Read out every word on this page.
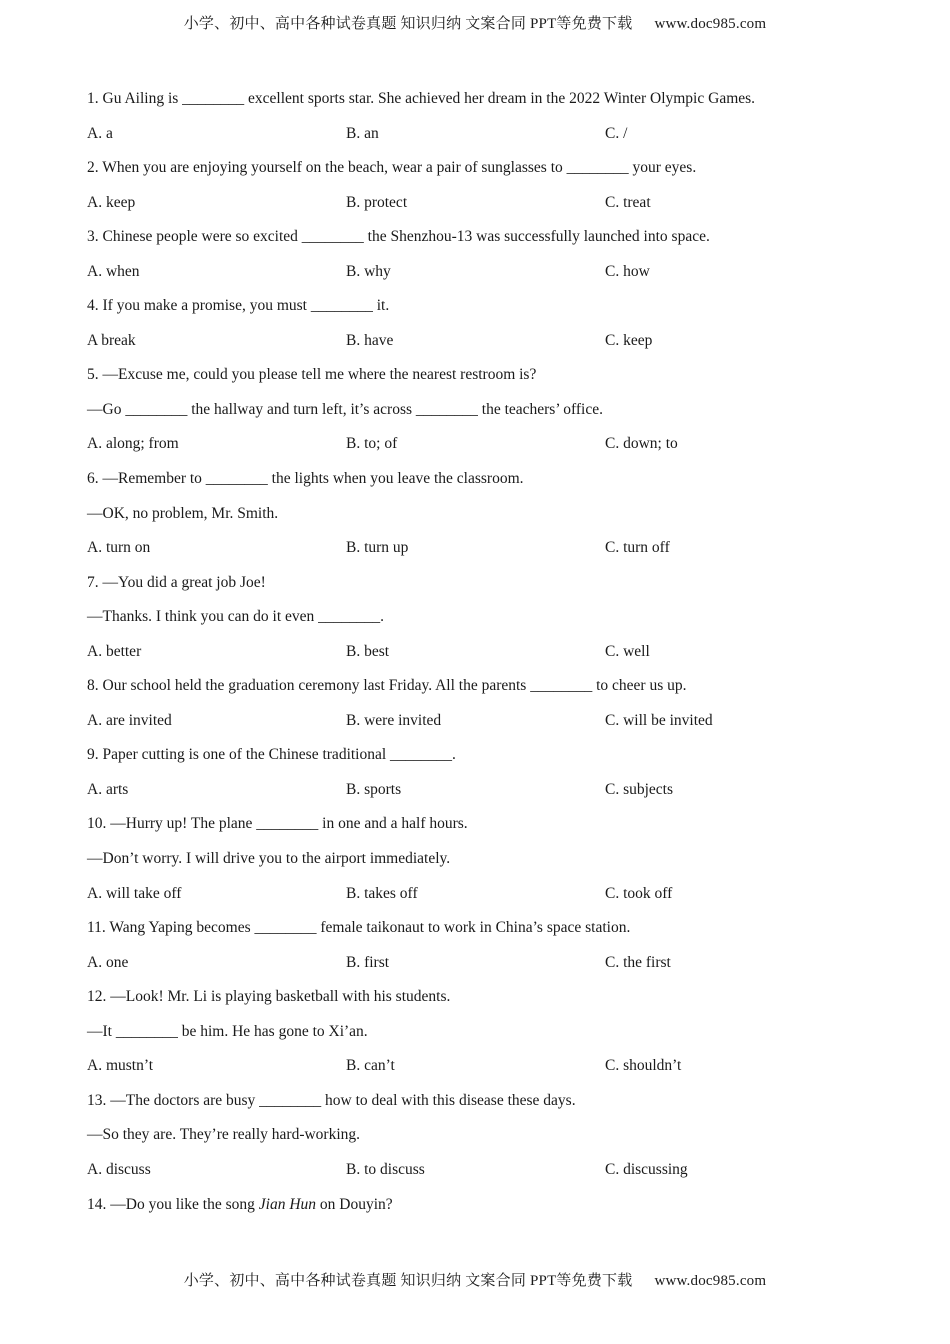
小学、初中、高中各种试卷真题 知识归纳 文案合同 PPT等免费下载 www.doc985.com
1. Gu Ailing is ________ excellent sports star. She achieved her dream in the 2022 Winter Olympic Games.
A. a	B. an	C. /
2. When you are enjoying yourself on the beach, wear a pair of sunglasses to ________ your eyes.
A. keep	B. protect	C. treat
3. Chinese people were so excited ________ the Shenzhou-13 was successfully launched into space.
A. when	B. why	C. how
4. If you make a promise, you must ________ it.
A break	B. have	C. keep
5. —Excuse me, could you please tell me where the nearest restroom is?
—Go ________ the hallway and turn left, it’s across ________ the teachers’ office.
A. along; from	B. to; of	C. down; to
6. —Remember to ________ the lights when you leave the classroom.
—OK, no problem, Mr. Smith.
A. turn on	B. turn up	C. turn off
7. —You did a great job Joe!
—Thanks. I think you can do it even ________.
A. better	B. best	C. well
8. Our school held the graduation ceremony last Friday. All the parents ________ to cheer us up.
A. are invited	B. were invited	C. will be invited
9. Paper cutting is one of the Chinese traditional ________.
A. arts	B. sports	C. subjects
10. —Hurry up! The plane ________ in one and a half hours.
—Don’t worry. I will drive you to the airport immediately.
A. will take off	B. takes off	C. took off
11. Wang Yaping becomes ________ female taikonaut to work in China’s space station.
A. one	B. first	C. the first
12. —Look! Mr. Li is playing basketball with his students.
—It ________ be him. He has gone to Xi’an.
A. mustn’t	B. can’t	C. shouldn’t
13. —The doctors are busy ________ how to deal with this disease these days.
—So they are. They’re really hard-working.
A. discuss	B. to discuss	C. discussing
14. —Do you like the song Jian Hun on Douyin?
小学、初中、高中各种试卷真题 知识归纳 文案合同 PPT等免费下载 www.doc985.com
